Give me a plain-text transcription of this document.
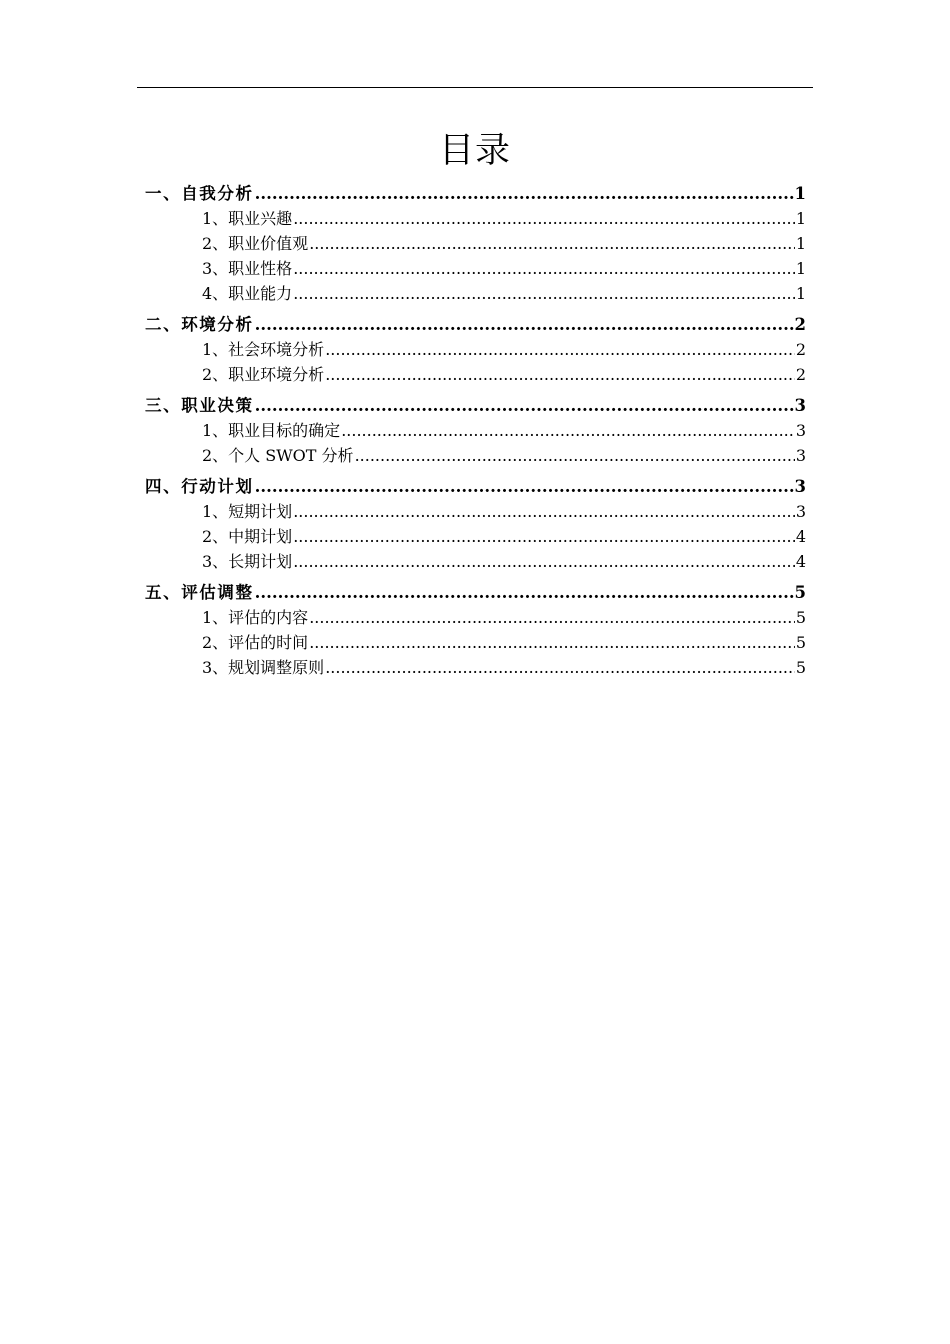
目录
一、自我分析 .....	1
1、职业兴趣 .....	1
2、职业价值观 .....	1
3、职业性格 .....	1
4、职业能力 .....	1
二、环境分析 .....	2
1、社会环境分析 .....	2
2、职业环境分析 .....	2
三、职业决策 .....	3
1、职业目标的确定 .....	3
2、个人 SWOT 分析 .....	3
四、行动计划 .....	3
1、短期计划 .....	3
2、中期计划 .....	4
3、长期计划 .....	4
五、评估调整 .....	5
1、评估的内容 .....	5
2、评估的时间 .....	5
3、规划调整原则 .....	5
